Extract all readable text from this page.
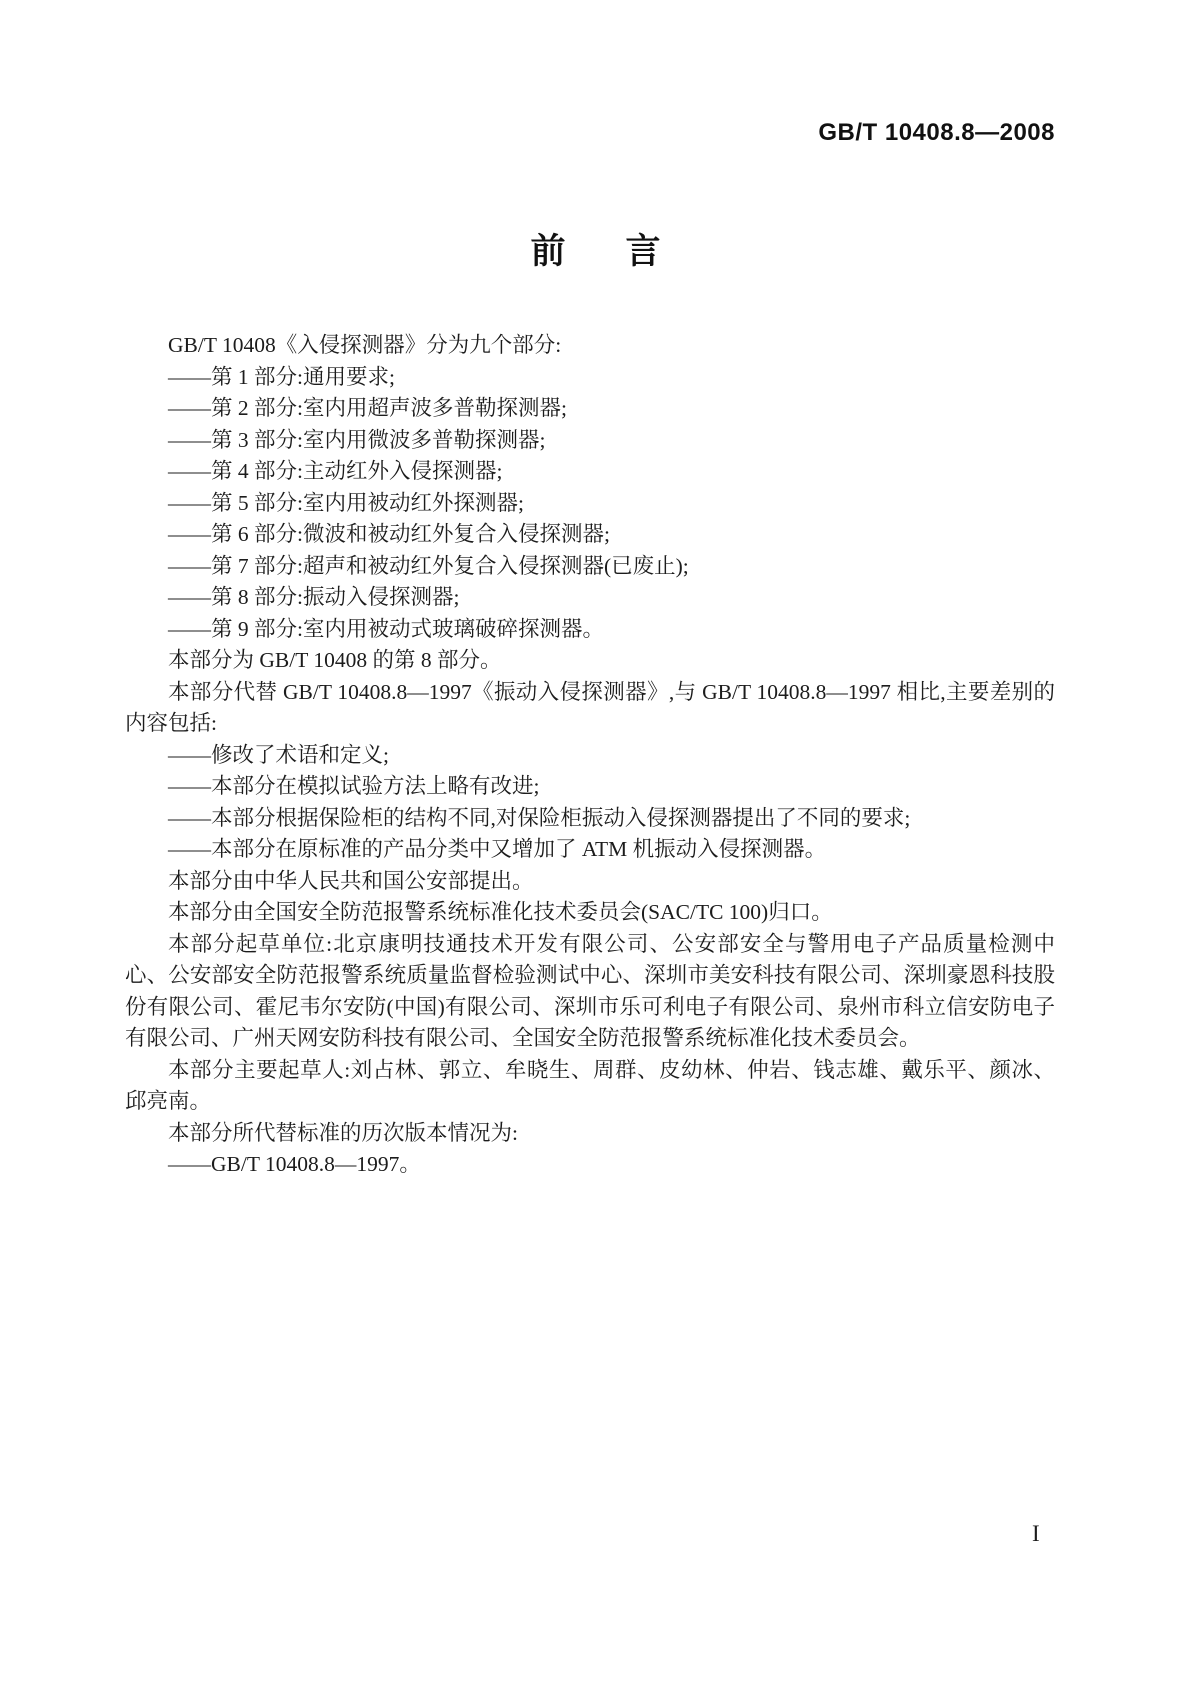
GB/T 10408.8—2008
前 言

GB/T 10408《入侵探测器》分为九个部分:

——第 1 部分:通用要求;

——第 2 部分:室内用超声波多普勒探测器;

——第 3 部分:室内用微波多普勒探测器;

——第 4 部分:主动红外入侵探测器;

——第 5 部分:室内用被动红外探测器;

——第 6 部分:微波和被动红外复合入侵探测器;

——第 7 部分:超声和被动红外复合入侵探测器(已废止);

——第 8 部分:振动入侵探测器;

——第 9 部分:室内用被动式玻璃破碎探测器。

本部分为 GB/T 10408 的第 8 部分。

本部分代替 GB/T 10408.8—1997《振动入侵探测器》,与 GB/T 10408.8—1997 相比,主要差别的内容包括:

——修改了术语和定义;

——本部分在模拟试验方法上略有改进;

——本部分根据保险柜的结构不同,对保险柜振动入侵探测器提出了不同的要求;

——本部分在原标准的产品分类中又增加了 ATM 机振动入侵探测器。

本部分由中华人民共和国公安部提出。

本部分由全国安全防范报警系统标准化技术委员会(SAC/TC 100)归口。

本部分起草单位:北京康明技通技术开发有限公司、公安部安全与警用电子产品质量检测中心、公安部安全防范报警系统质量监督检验测试中心、深圳市美安科技有限公司、深圳豪恩科技股份有限公司、霍尼韦尔安防(中国)有限公司、深圳市乐可利电子有限公司、泉州市科立信安防电子有限公司、广州天网安防科技有限公司、全国安全防范报警系统标准化技术委员会。

本部分主要起草人:刘占林、郭立、牟晓生、周群、皮幼林、仲岩、钱志雄、戴乐平、颜冰、邱亮南。

本部分所代替标准的历次版本情况为:

——GB/T 10408.8—1997。

I
